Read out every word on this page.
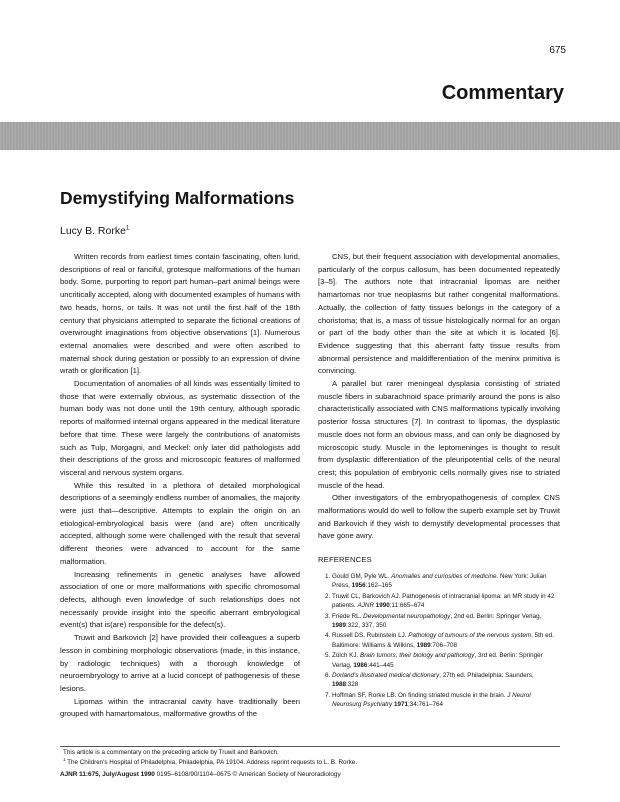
675
Commentary
Demystifying Malformations
Lucy B. Rorke$^1$

Written records from earliest times contain fascinating, often lurid, descriptions of real or fanciful, grotesque malformations of the human body. Some, purporting to report part human–part animal beings were uncritically accepted, along with documented examples of humans with two heads, horns, or tails. It was not until the first half of the 18th century that physicians attempted to separate the fictional creations of overwrought imaginations from objective observations [1]. Numerous external anomalies were described and were often ascribed to maternal shock during gestation or possibly to an expression of divine wrath or glorification [1].

Documentation of anomalies of all kinds was essentially limited to those that were externally obvious, as systematic dissection of the human body was not done until the 19th century, although sporadic reports of malformed internal organs appeared in the medical literature before that time. These were largely the contributions of anatomists such as Tulp, Morgagni, and Meckel: only later did pathologists add their descriptions of the gross and microscopic features of malformed visceral and nervous system organs.

While this resulted in a plethora of detailed morphological descriptions of a seemingly endless number of anomalies, the majority were just that—descriptive. Attempts to explain the origin on an etiological-embryological basis were (and are) often uncritically accepted, although some were challenged with the result that several different theories were advanced to account for the same malformation.

Increasing refinements in genetic analyses have allowed association of one or more malformations with specific chromosomal defects, although even knowledge of such relationships does not necessarily provide insight into the specific aberrant embryological event(s) that is(are) responsible for the defect(s).

Truwit and Barkovich [2] have provided their colleagues a superb lesson in combining morphologic observations (made, in this instance, by radiologic techniques) with a thorough knowledge of neuroembryology to arrive at a lucid concept of pathogenesis of these lesions.

Lipomas within the intracranial cavity have traditionally been grouped with hamartomatous, malformative growths of the

CNS, but their frequent association with developmental anomalies, particularly of the corpus callosum, has been documented repeatedly [3–5]. The authors note that intracranial lipomas are neither hamartomas nor true neoplasms but rather congenital malformations. Actually, the collection of fatty tissues belongs in the category of a choristoma; that is, a mass of tissue histologically normal for an organ or part of the body other than the site at which it is located [6]. Evidence suggesting that this aberrant fatty tissue results from abnormal persistence and maldifferentiation of the meninx primitiva is convincing.

A parallel but rarer meningeal dysplasia consisting of striated muscle fibers in subarachnoid space primarily around the pons is also characteristically associated with CNS malformations typically involving posterior fossa structures [7]. In contrast to lipomas, the dysplastic muscle does not form an obvious mass, and can only be diagnosed by microscopic study. Muscle in the leptomeninges is thought to result from dysplastic differentiation of the pleuripotential cells of the neural crest; this population of embryonic cells normally gives rise to striated muscle of the head.

Other investigators of the embryopathogenesis of complex CNS malformations would do well to follow the superb example set by Truwit and Barkovich if they wish to demystify developmental processes that have gone awry.

REFERENCES
1. Gould GM, Pyle WL. Anomalies and curiosities of medicine. New York: Julian Press, 1956:162–165
2. Truwit CL, Barkovich AJ. Pathogenesis of intracranial lipoma: an MR study in 42 patients. AJNR 1990;11:665–674
3. Friede RL. Developmental neuropathology, 2nd ed. Berlin: Springer Verlag, 1989:322, 337, 350
4. Russell DS, Rubinstein LJ. Pathology of tumours of the nervous system, 5th ed. Baltimore: Williams & Wilkins, 1989:706–708
5. Zülch KJ. Brain tumors, their biology and pathology, 3rd ed. Berlin: Springer Verlag, 1986:441–445
6. Dorland's illustrated medical dictionary, 27th ed. Philadelphia: Saunders, 1988:328
7. Hoffman SF, Rorke LB. On finding striated muscle in the brain. J Neurol Neurosurg Psychiatry 1971;34:761–764
This article is a commentary on the preceding article by Truwit and Barkovich.
$^1$ The Children's Hospital of Philadelphia, Philadelphia, PA 19104. Address reprint requests to L. B. Rorke.
AJNR 11:675, July/August 1990 0195–6108/90/1104–0675 © American Society of Neuroradiology
